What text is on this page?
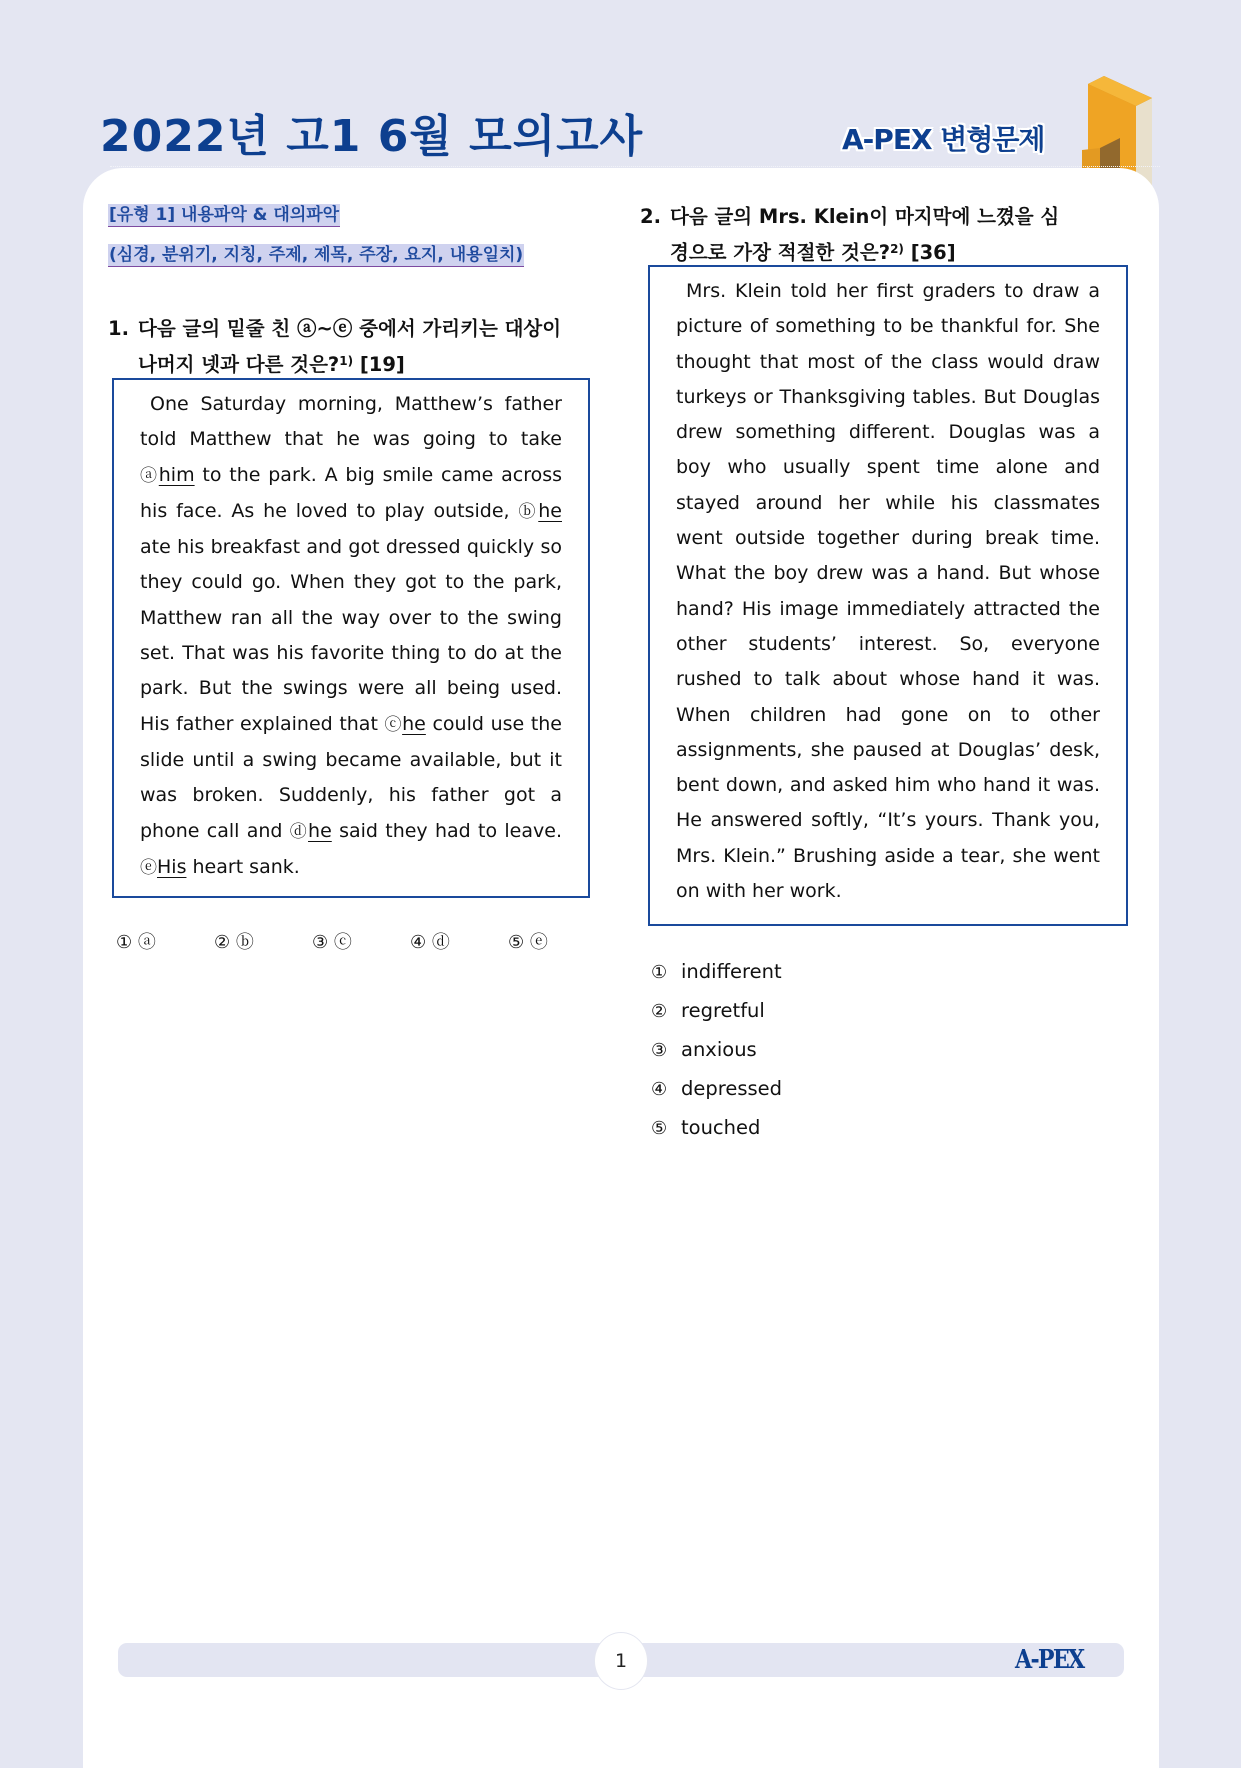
2022년 고1 6월 모의고사	A-PEX 변형문제
[유형 1] 내용파악 & 대의파악
(심경, 분위기, 지칭, 주제, 제목, 주장, 요지, 내용일치)
1. 다음 글의 밑줄 친 ⓐ~ⓔ 중에서 가리키는 대상이
나머지 넷과 다른 것은?$^{1)}$ [19]

One Saturday morning, Matthew’s father told Matthew that he was going to take ⓐhim to the park. A big smile came across his face. As he loved to play outside, ⓑhe ate his breakfast and got dressed quickly so they could go. When they got to the park, Matthew ran all the way over to the swing set. That was his favorite thing to do at the park. But the swings were all being used. His father explained that ⓒhe could use the slide until a swing became available, but it was broken. Suddenly, his father got a phone call and ⓓhe said they had to leave. ⓔHis heart sank.

① ⓐ	② ⓑ	③ ⓒ	④ ⓓ	⑤ ⓔ
2. 다음 글의 Mrs. Klein이 마지막에 느꼈을 심
경으로 가장 적절한 것은?$^{2)}$ [36]

Mrs. Klein told her first graders to draw a picture of something to be thankful for. She thought that most of the class would draw turkeys or Thanksgiving tables. But Douglas drew something different. Douglas was a boy who usually spent time alone and stayed around her while his classmates went outside together during break time. What the boy drew was a hand. But whose hand? His image immediately attracted the other students’ interest. So, everyone rushed to talk about whose hand it was. When children had gone on to other assignments, she paused at Douglas’ desk, bent down, and asked him who hand it was. He answered softly, “It’s yours. Thank you, Mrs. Klein.” Brushing aside a tear, she went on with her work.

① indifferent
② regretful
③ anxious
④ depressed
⑤ touched
1	A-PEX
